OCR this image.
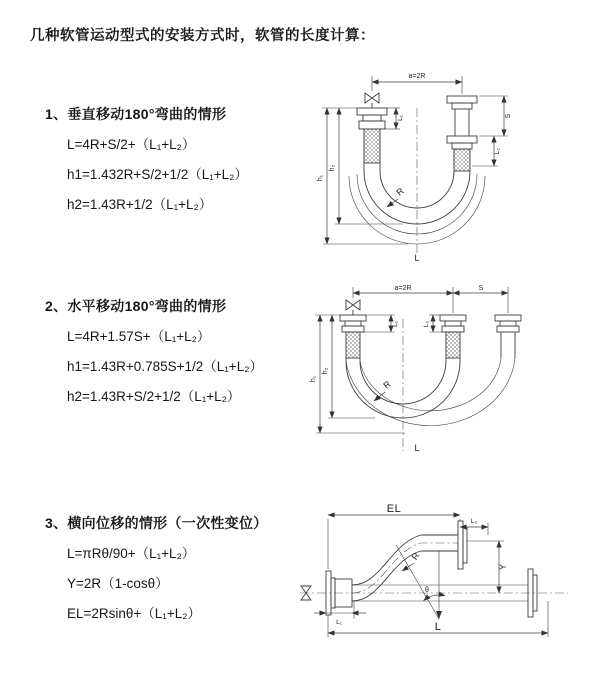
几种软管运动型式的安装方式时，软管的长度计算：
1、垂直移动180°弯曲的情形
L=4R+S/2+（L₁+L₂）
h1=1.432R+S/2+1/2（L₁+L₂）
h2=1.43R+1/2（L₁+L₂）
2、水平移动180°弯曲的情形
L=4R+1.57S+（L₁+L₂）
h1=1.43R+0.785S+1/2（L₁+L₂）
h2=1.43R+S/2+1/2（L₁+L₂）
3、横向位移的情形（一次性变位）
L=πRθ/90+（L₁+L₂）
Y=2R（1-cosθ）
EL=2Rsinθ+（L₁+L₂）
a=2R
S
L₂
L₁
h₁
h₂
R
L
a=2R	S
h₁
h₂
L₁	L₂
R
L
EL
L₂
Y
L
L₁
θ
R
